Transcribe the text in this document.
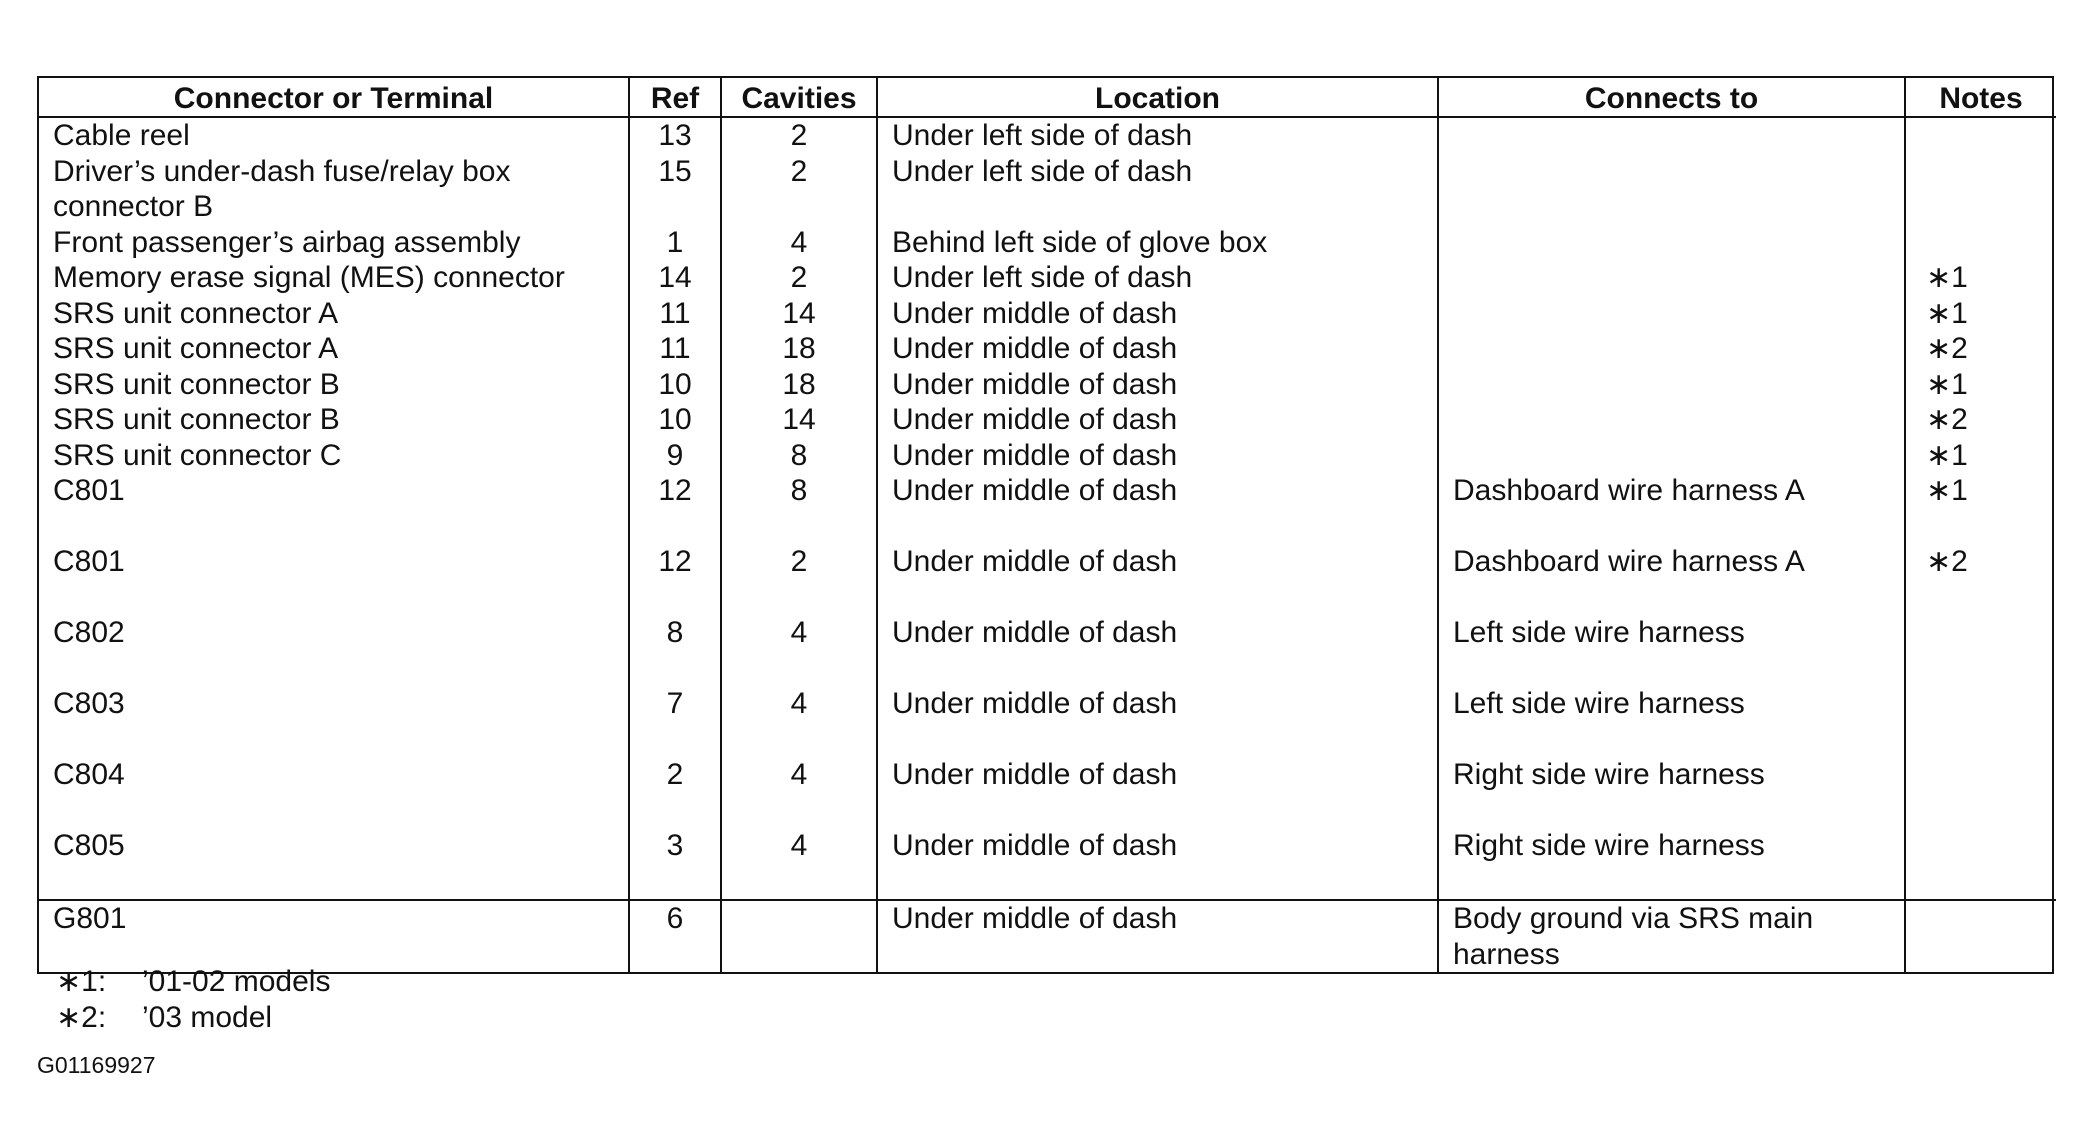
Connector or Terminal	Ref	Cavities	Location	Connects to	Notes
Cable reel	13	2	Under left side of dash		
Driver’s under-dash fuse/relay box connector B	15	2	Under left side of dash		
Front passenger’s airbag assembly	1	4	Behind left side of glove box		
Memory erase signal (MES) connector	14	2	Under left side of dash		∗1
SRS unit connector A	11	14	Under middle of dash		∗1
SRS unit connector A	11	18	Under middle of dash		∗2
SRS unit connector B	10	18	Under middle of dash		∗1
SRS unit connector B	10	14	Under middle of dash		∗2
SRS unit connector C	9	8	Under middle of dash		∗1
C801	12	8	Under middle of dash	Dashboard wire harness A	∗1
C801	12	2	Under middle of dash	Dashboard wire harness A	∗2
C802	8	4	Under middle of dash	Left side wire harness	
C803	7	4	Under middle of dash	Left side wire harness	
C804	2	4	Under middle of dash	Right side wire harness	
C805	3	4	Under middle of dash	Right side wire harness	
G801	6		Under middle of dash	Body ground via SRS main harness	
∗1:	’01-02 models
∗2:	’03 model
G01169927
